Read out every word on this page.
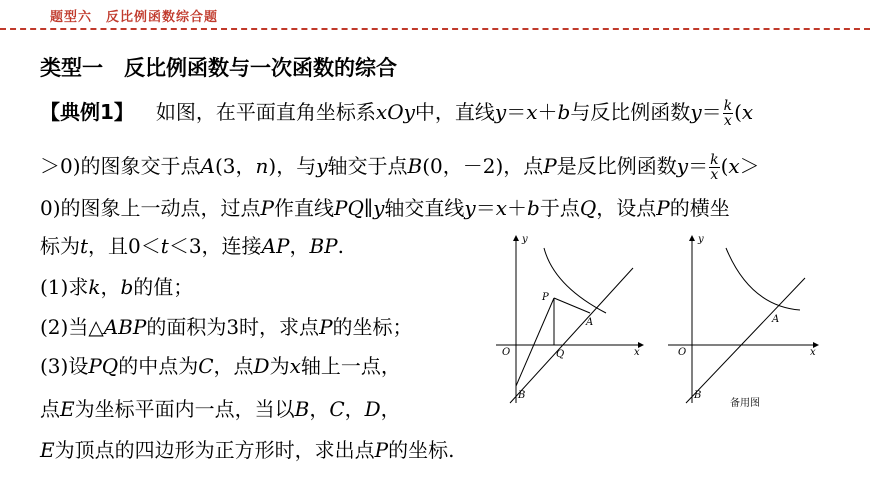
题型六　反比例函数综合题
类型一　反比例函数与一次函数的综合
【典例1】 如图，在平面直角坐标系xOy中，直线y＝x＋b与反比例函数$y= \frac{k}{x} (x$
＞0)的图象交于点A(3，n)，与y轴交于点B(0，－2)，点P是反比例函数$y= \frac{k}{x} (x>$
0)的图象上一动点，过点P作直线PQ∥y轴交直线y＝x＋b于点Q，设点P的横坐
标为t，且0＜t＜3，连接AP，BP.
(1)求k，b的值；
(2)当△ABP的面积为3时，求点P的坐标；
(3)设PQ的中点为C，点D为x轴上一点，
点E为坐标平面内一点，当以B，C，D，
E为顶点的四边形为正方形时，求出点P的坐标.
y
x
O
P
A
Q
B
y
x
O
A
B
备用图
